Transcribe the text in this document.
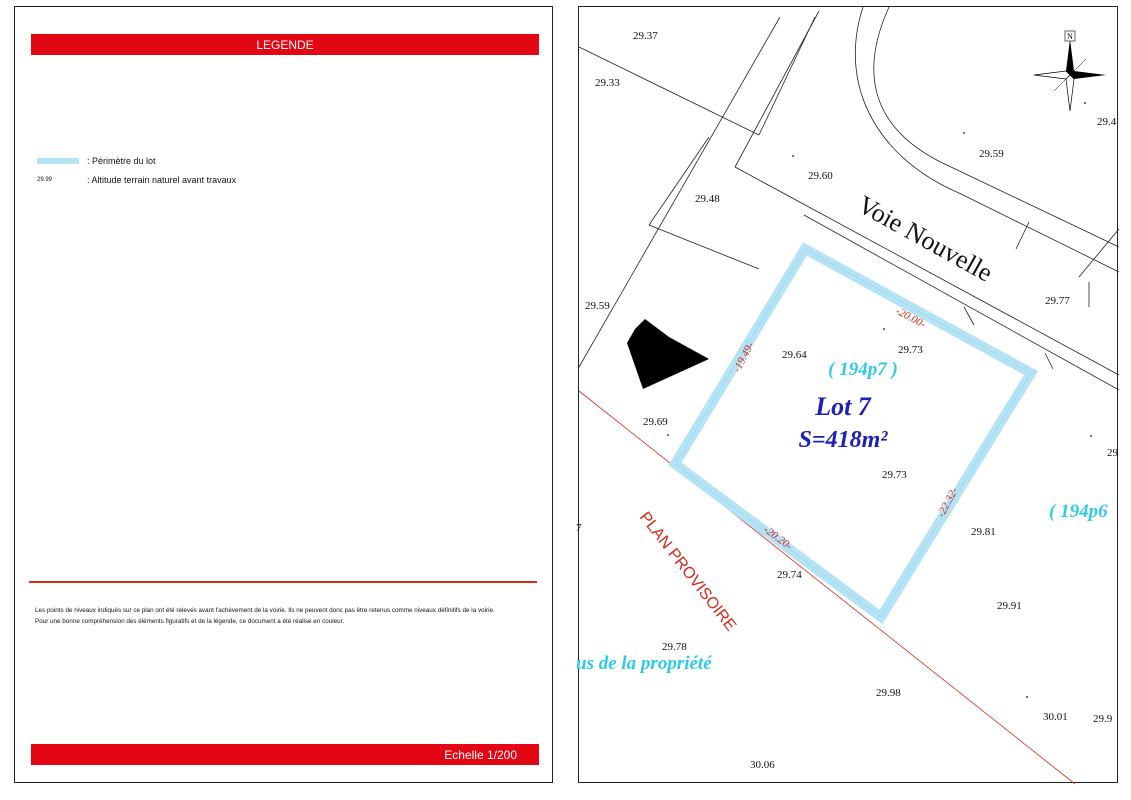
LEGENDE
: Périmètre du lot
29.99	: Altitude terrain naturel avant travaux
Les points de niveaux indiqués sur ce plan ont été relevés avant l'achèvement de la voirie. Ils ne peuvent donc pas être retenus comme niveaux définitifs de la voirie.
Pour une bonne compréhension des éléments figuratifs et de la légende, ce document a été réalisé en couleur.
Echelle 1/200
N
Voie Nouvelle
PLAN PROVISOIRE
Lot 7
S=418m²
( 194p7 )
( 194p6
us de la propriété
-20.00-
-19.49-
-22.32-
-20.20-
29.37
29.33
29.60
29.59
29.48
29.59
29.64	29.73
29.69
29.73
29.81
29.74
29.91
29.78
29.98
30.01 29.9
30.06
29.77
29.4
29
7
